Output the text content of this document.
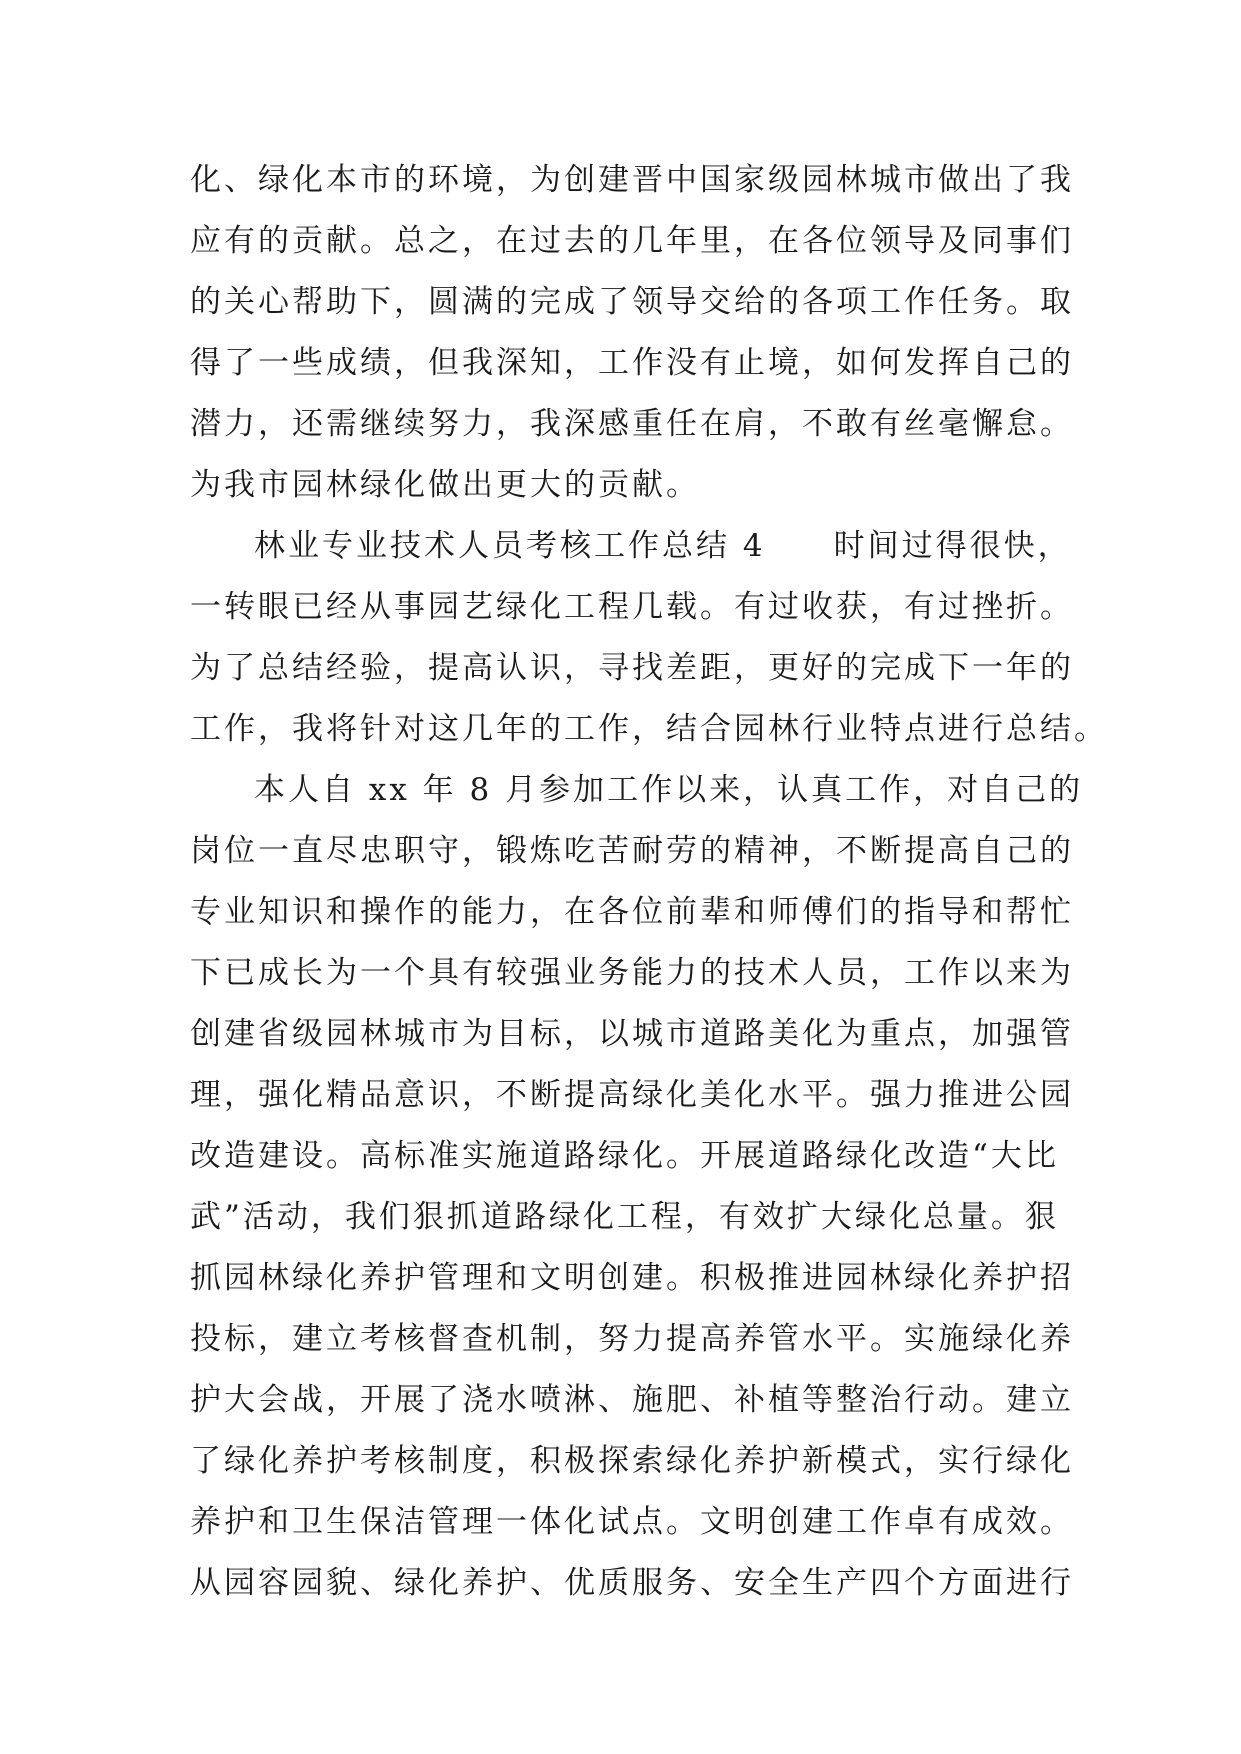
化、绿化本市的环境，为创建晋中国家级园林城市做出了我
应有的贡献。总之，在过去的几年里，在各位领导及同事们
的关心帮助下，圆满的完成了领导交给的各项工作任务。取
得了一些成绩，但我深知，工作没有止境，如何发挥自己的
潜力，还需继续努力，我深感重任在肩，不敢有丝毫懈怠。
为我市园林绿化做出更大的贡献。
林业专业技术人员考核工作总结 4　　时间过得很快，
一转眼已经从事园艺绿化工程几载。有过收获，有过挫折。
为了总结经验，提高认识，寻找差距，更好的完成下一年的
工作，我将针对这几年的工作，结合园林行业特点进行总结。
本人自 xx 年 8 月参加工作以来，认真工作，对自己的
岗位一直尽忠职守，锻炼吃苦耐劳的精神，不断提高自己的
专业知识和操作的能力，在各位前辈和师傅们的指导和帮忙
下已成长为一个具有较强业务能力的技术人员，工作以来为
创建省级园林城市为目标，以城市道路美化为重点，加强管
理，强化精品意识，不断提高绿化美化水平。强力推进公园
改造建设。高标准实施道路绿化。开展道路绿化改造“大比
武”活动，我们狠抓道路绿化工程，有效扩大绿化总量。狠
抓园林绿化养护管理和文明创建。积极推进园林绿化养护招
投标，建立考核督查机制，努力提高养管水平。实施绿化养
护大会战，开展了浇水喷淋、施肥、补植等整治行动。建立
了绿化养护考核制度，积极探索绿化养护新模式，实行绿化
养护和卫生保洁管理一体化试点。文明创建工作卓有成效。
从园容园貌、绿化养护、优质服务、安全生产四个方面进行
